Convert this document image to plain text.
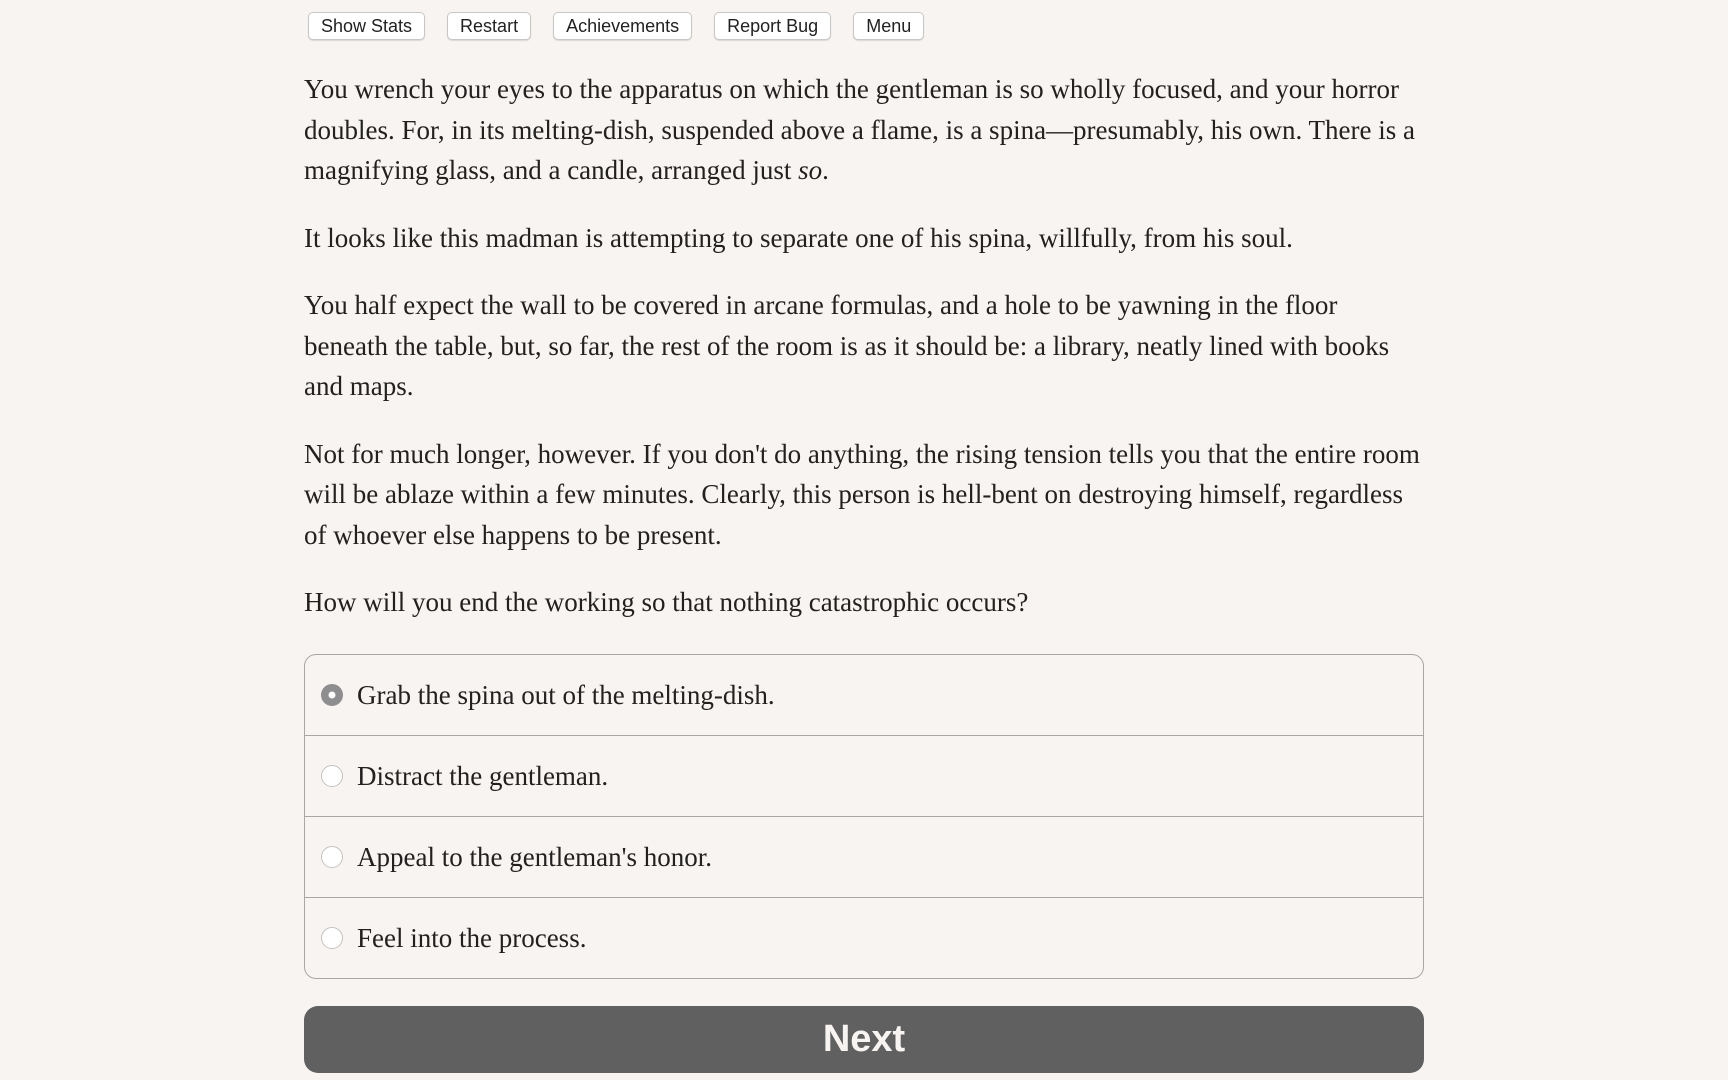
Show Stats	Restart	Achievements	Report Bug	Menu

You wrench your eyes to the apparatus on which the gentleman is so wholly focused, and your horror doubles. For, in its melting-dish, suspended above a flame, is a spina—presumably, his own. There is a magnifying glass, and a candle, arranged just so.

It looks like this madman is attempting to separate one of his spina, willfully, from his soul.

You half expect the wall to be covered in arcane formulas, and a hole to be yawning in the floor beneath the table, but, so far, the rest of the room is as it should be: a library, neatly lined with books and maps.

Not for much longer, however. If you don't do anything, the rising tension tells you that the entire room will be ablaze within a few minutes. Clearly, this person is hell-bent on destroying himself, regardless of whoever else happens to be present.

How will you end the working so that nothing catastrophic occurs?

Grab the spina out of the melting-dish.
Distract the gentleman.
Appeal to the gentleman's honor.
Feel into the process.
Next
